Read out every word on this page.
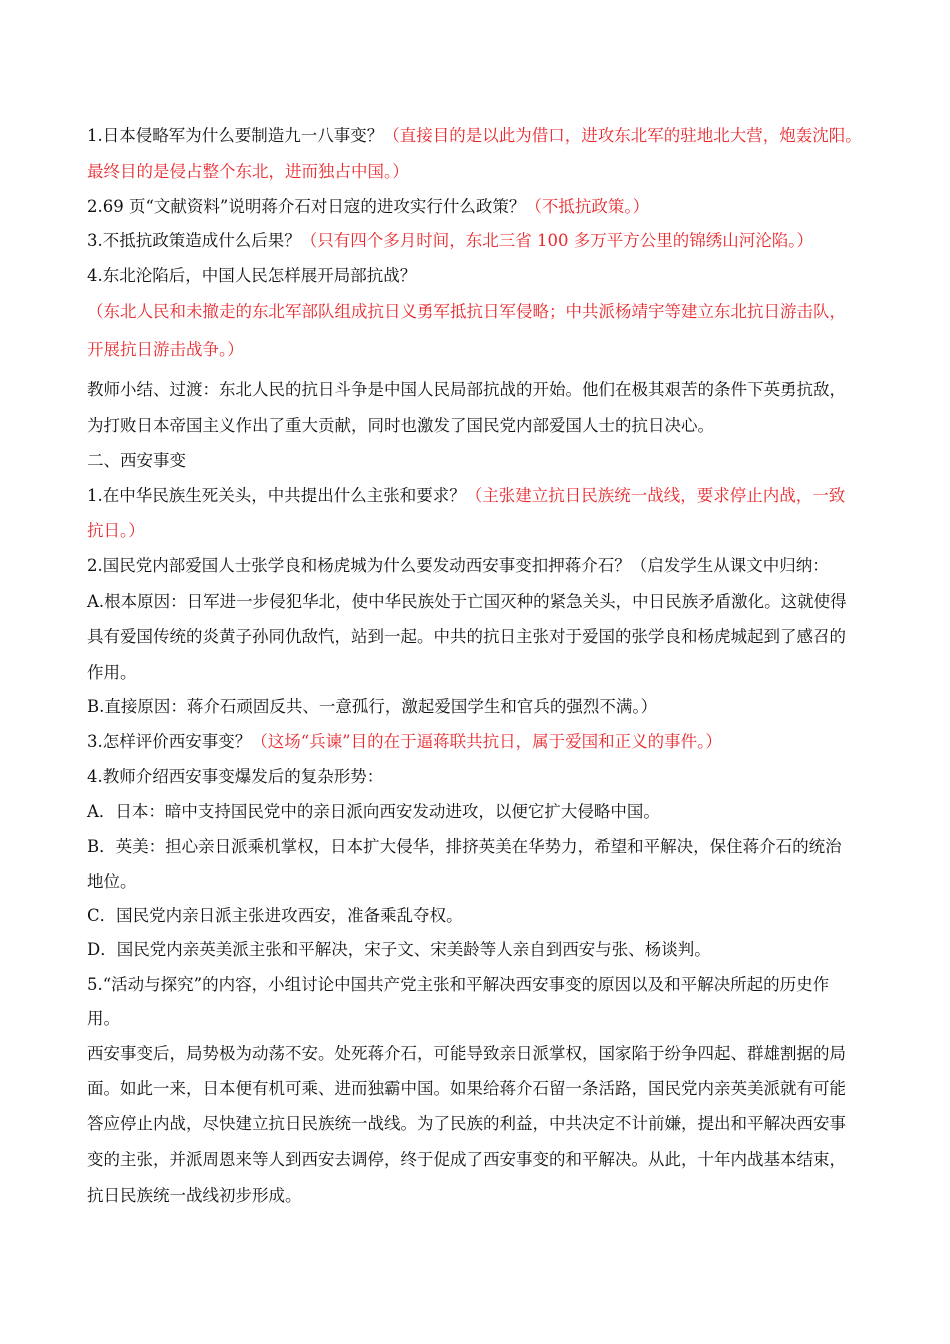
1.日本侵略军为什么要制造九一八事变？（直接目的是以此为借口，进攻东北军的驻地北大营，炮轰沈阳。
最终目的是侵占整个东北，进而独占中国。）
2.69 页“文献资料”说明蒋介石对日寇的进攻实行什么政策？（不抵抗政策。）
3.不抵抗政策造成什么后果？（只有四个多月时间，东北三省 100 多万平方公里的锦绣山河沦陷。）
4.东北沦陷后，中国人民怎样展开局部抗战？
（东北人民和未撤走的东北军部队组成抗日义勇军抵抗日军侵略；中共派杨靖宇等建立东北抗日游击队，
开展抗日游击战争。）
教师小结、过渡：东北人民的抗日斗争是中国人民局部抗战的开始。他们在极其艰苦的条件下英勇抗敌，
为打败日本帝国主义作出了重大贡献，同时也激发了国民党内部爱国人士的抗日决心。
二、西安事变
1.在中华民族生死关头，中共提出什么主张和要求？（主张建立抗日民族统一战线，要求停止内战，一致
抗日。）
2.国民党内部爱国人士张学良和杨虎城为什么要发动西安事变扣押蒋介石？（启发学生从课文中归纳：
A.根本原因：日军进一步侵犯华北，使中华民族处于亡国灭种的紧急关头，中日民族矛盾激化。这就使得
具有爱国传统的炎黄子孙同仇敌忾，站到一起。中共的抗日主张对于爱国的张学良和杨虎城起到了感召的
作用。
B.直接原因：蒋介石顽固反共、一意孤行，激起爱国学生和官兵的强烈不满。）
3.怎样评价西安事变？（这场“兵谏”目的在于逼蒋联共抗日，属于爱国和正义的事件。）
4.教师介绍西安事变爆发后的复杂形势：
A．日本：暗中支持国民党中的亲日派向西安发动进攻，以便它扩大侵略中国。
B．英美：担心亲日派乘机掌权，日本扩大侵华，排挤英美在华势力，希望和平解决，保住蒋介石的统治
地位。
C．国民党内亲日派主张进攻西安，准备乘乱夺权。
D．国民党内亲英美派主张和平解决，宋子文、宋美龄等人亲自到西安与张、杨谈判。
5.“活动与探究”的内容，小组讨论中国共产党主张和平解决西安事变的原因以及和平解决所起的历史作
用。
西安事变后，局势极为动荡不安。处死蒋介石，可能导致亲日派掌权，国家陷于纷争四起、群雄割据的局
面。如此一来，日本便有机可乘、进而独霸中国。如果给蒋介石留一条活路，国民党内亲英美派就有可能
答应停止内战，尽快建立抗日民族统一战线。为了民族的利益，中共决定不计前嫌，提出和平解决西安事
变的主张，并派周恩来等人到西安去调停，终于促成了西安事变的和平解决。从此，十年内战基本结束，
抗日民族统一战线初步形成。
